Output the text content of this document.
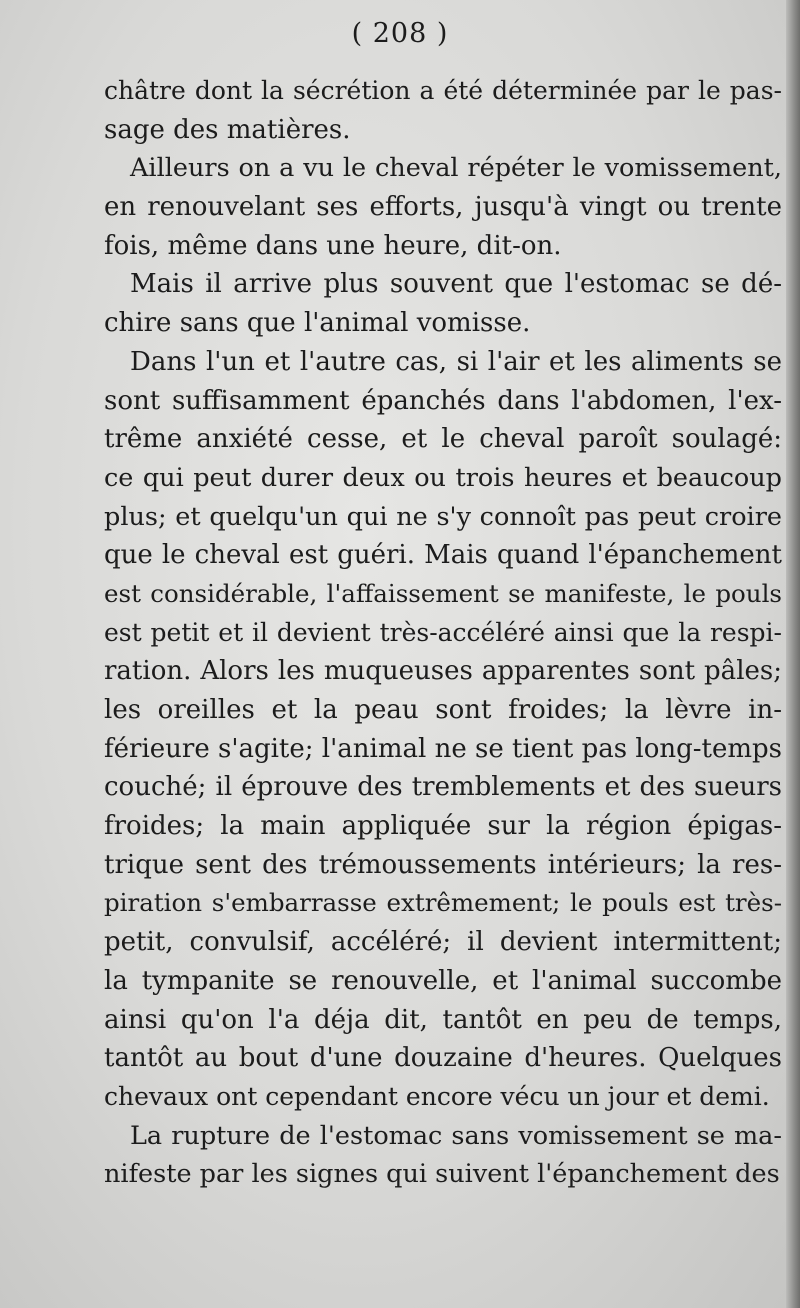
( 208 )
châtre dont la sécrétion a été déterminée par le pas-
sage des matières.
Ailleurs on a vu le cheval répéter le vomissement,
en renouvelant ses efforts, jusqu'à vingt ou trente
fois, même dans une heure, dit-on.
Mais il arrive plus souvent que l'estomac se dé-
chire sans que l'animal vomisse.
Dans l'un et l'autre cas, si l'air et les aliments se
sont suffisamment épanchés dans l'abdomen, l'ex-
trême anxiété cesse, et le cheval paroît soulagé:
ce qui peut durer deux ou trois heures et beaucoup
plus; et quelqu'un qui ne s'y connoît pas peut croire
que le cheval est guéri. Mais quand l'épanchement
est considérable, l'affaissement se manifeste, le pouls
est petit et il devient très-accéléré ainsi que la respi-
ration. Alors les muqueuses apparentes sont pâles;
les oreilles et la peau sont froides; la lèvre in-
férieure s'agite; l'animal ne se tient pas long-temps
couché; il éprouve des tremblements et des sueurs
froides; la main appliquée sur la région épigas-
trique sent des trémoussements intérieurs; la res-
piration s'embarrasse extrêmement; le pouls est très-
petit, convulsif, accéléré; il devient intermittent;
la tympanite se renouvelle, et l'animal succombe
ainsi qu'on l'a déja dit, tantôt en peu de temps,
tantôt au bout d'une douzaine d'heures. Quelques
chevaux ont cependant encore vécu un jour et demi.
La rupture de l'estomac sans vomissement se ma-
nifeste par les signes qui suivent l'épanchement des
